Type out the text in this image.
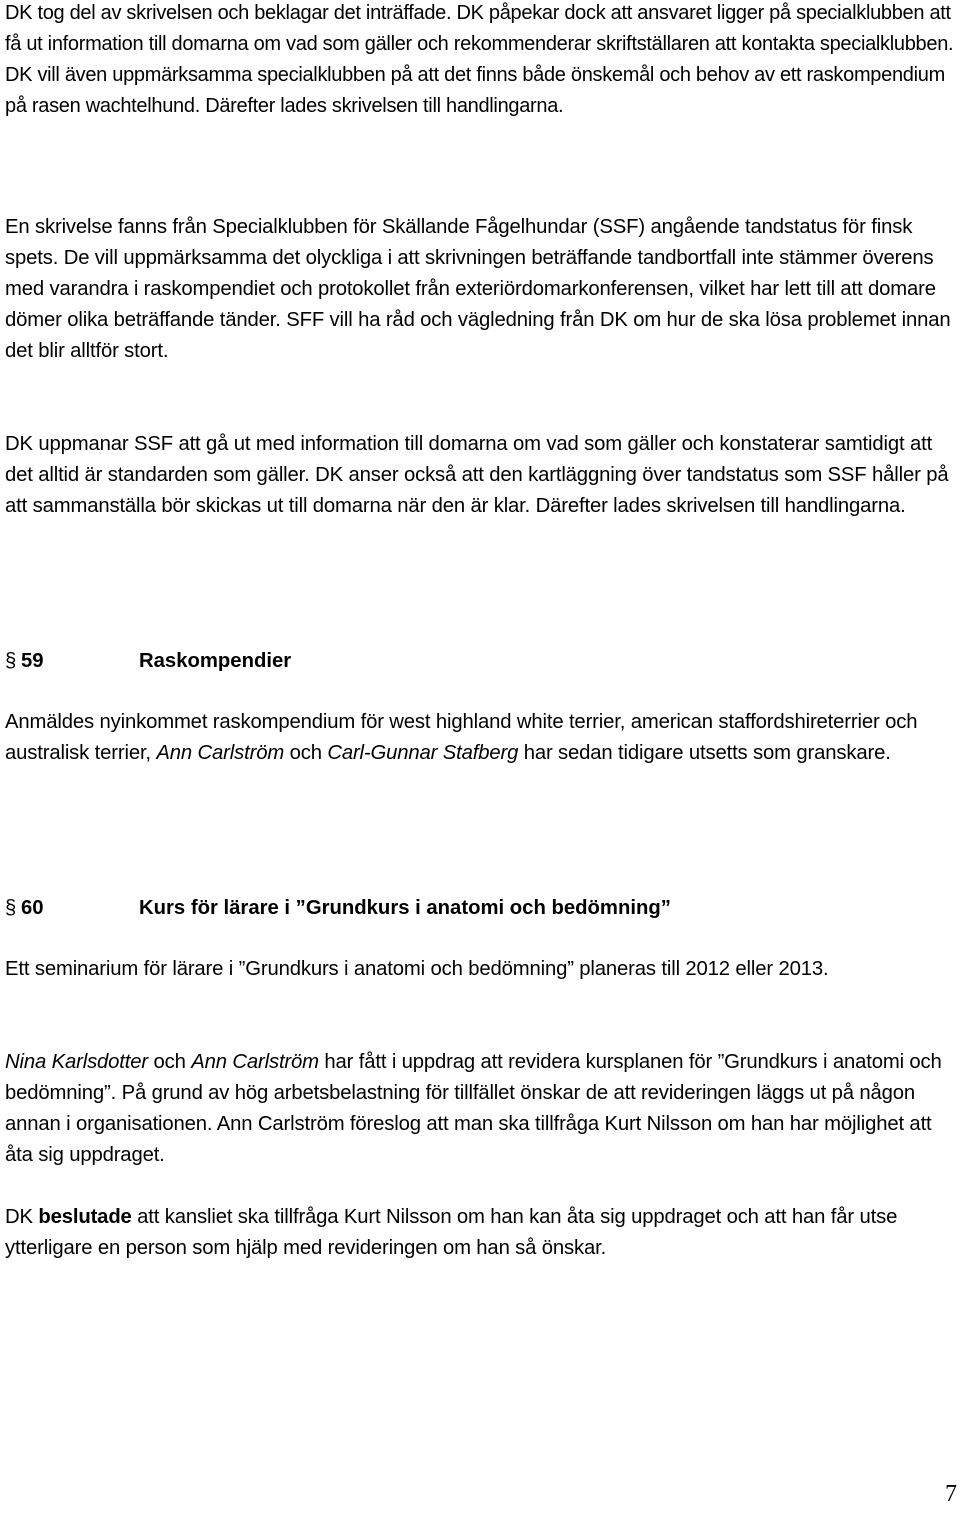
DK tog del av skrivelsen och beklagar det inträffade. DK påpekar dock att ansvaret ligger på specialklubben att få ut information till domarna om vad som gäller och rekommenderar skriftställaren att kontakta specialklubben. DK vill även uppmärksamma specialklubben på att det finns både önskemål och behov av ett raskompendium på rasen wachtelhund. Därefter lades skrivelsen till handlingarna.

En skrivelse fanns från Specialklubben för Skällande Fågelhundar (SSF) angående tandstatus för finsk spets. De vill uppmärksamma det olyckliga i att skrivningen beträffande tandbortfall inte stämmer överens med varandra i raskompendiet och protokollet från exteriördomarkonferensen, vilket har lett till att domare dömer olika beträffande tänder. SFF vill ha råd och vägledning från DK om hur de ska lösa problemet innan det blir alltför stort.

DK uppmanar SSF att gå ut med information till domarna om vad som gäller och konstaterar samtidigt att det alltid är standarden som gäller. DK anser också att den kartläggning över tandstatus som SSF håller på att sammanställa bör skickas ut till domarna när den är klar. Därefter lades skrivelsen till handlingarna.

§ 59	Raskompendier

Anmäldes nyinkommet raskompendium för west highland white terrier, american staffordshireterrier och australisk terrier, Ann Carlström och Carl-Gunnar Stafberg har sedan tidigare utsetts som granskare.

§ 60	Kurs för lärare i ”Grundkurs i anatomi och bedömning”

Ett seminarium för lärare i ”Grundkurs i anatomi och bedömning” planeras till 2012 eller 2013.

Nina Karlsdotter och Ann Carlström har fått i uppdrag att revidera kursplanen för ”Grundkurs i anatomi och bedömning”. På grund av hög arbetsbelastning för tillfället önskar de att revideringen läggs ut på någon annan i organisationen. Ann Carlström föreslog att man ska tillfråga Kurt Nilsson om han har möjlighet att åta sig uppdraget.

DK beslutade att kansliet ska tillfråga Kurt Nilsson om han kan åta sig uppdraget och att han får utse ytterligare en person som hjälp med revideringen om han så önskar.

7
